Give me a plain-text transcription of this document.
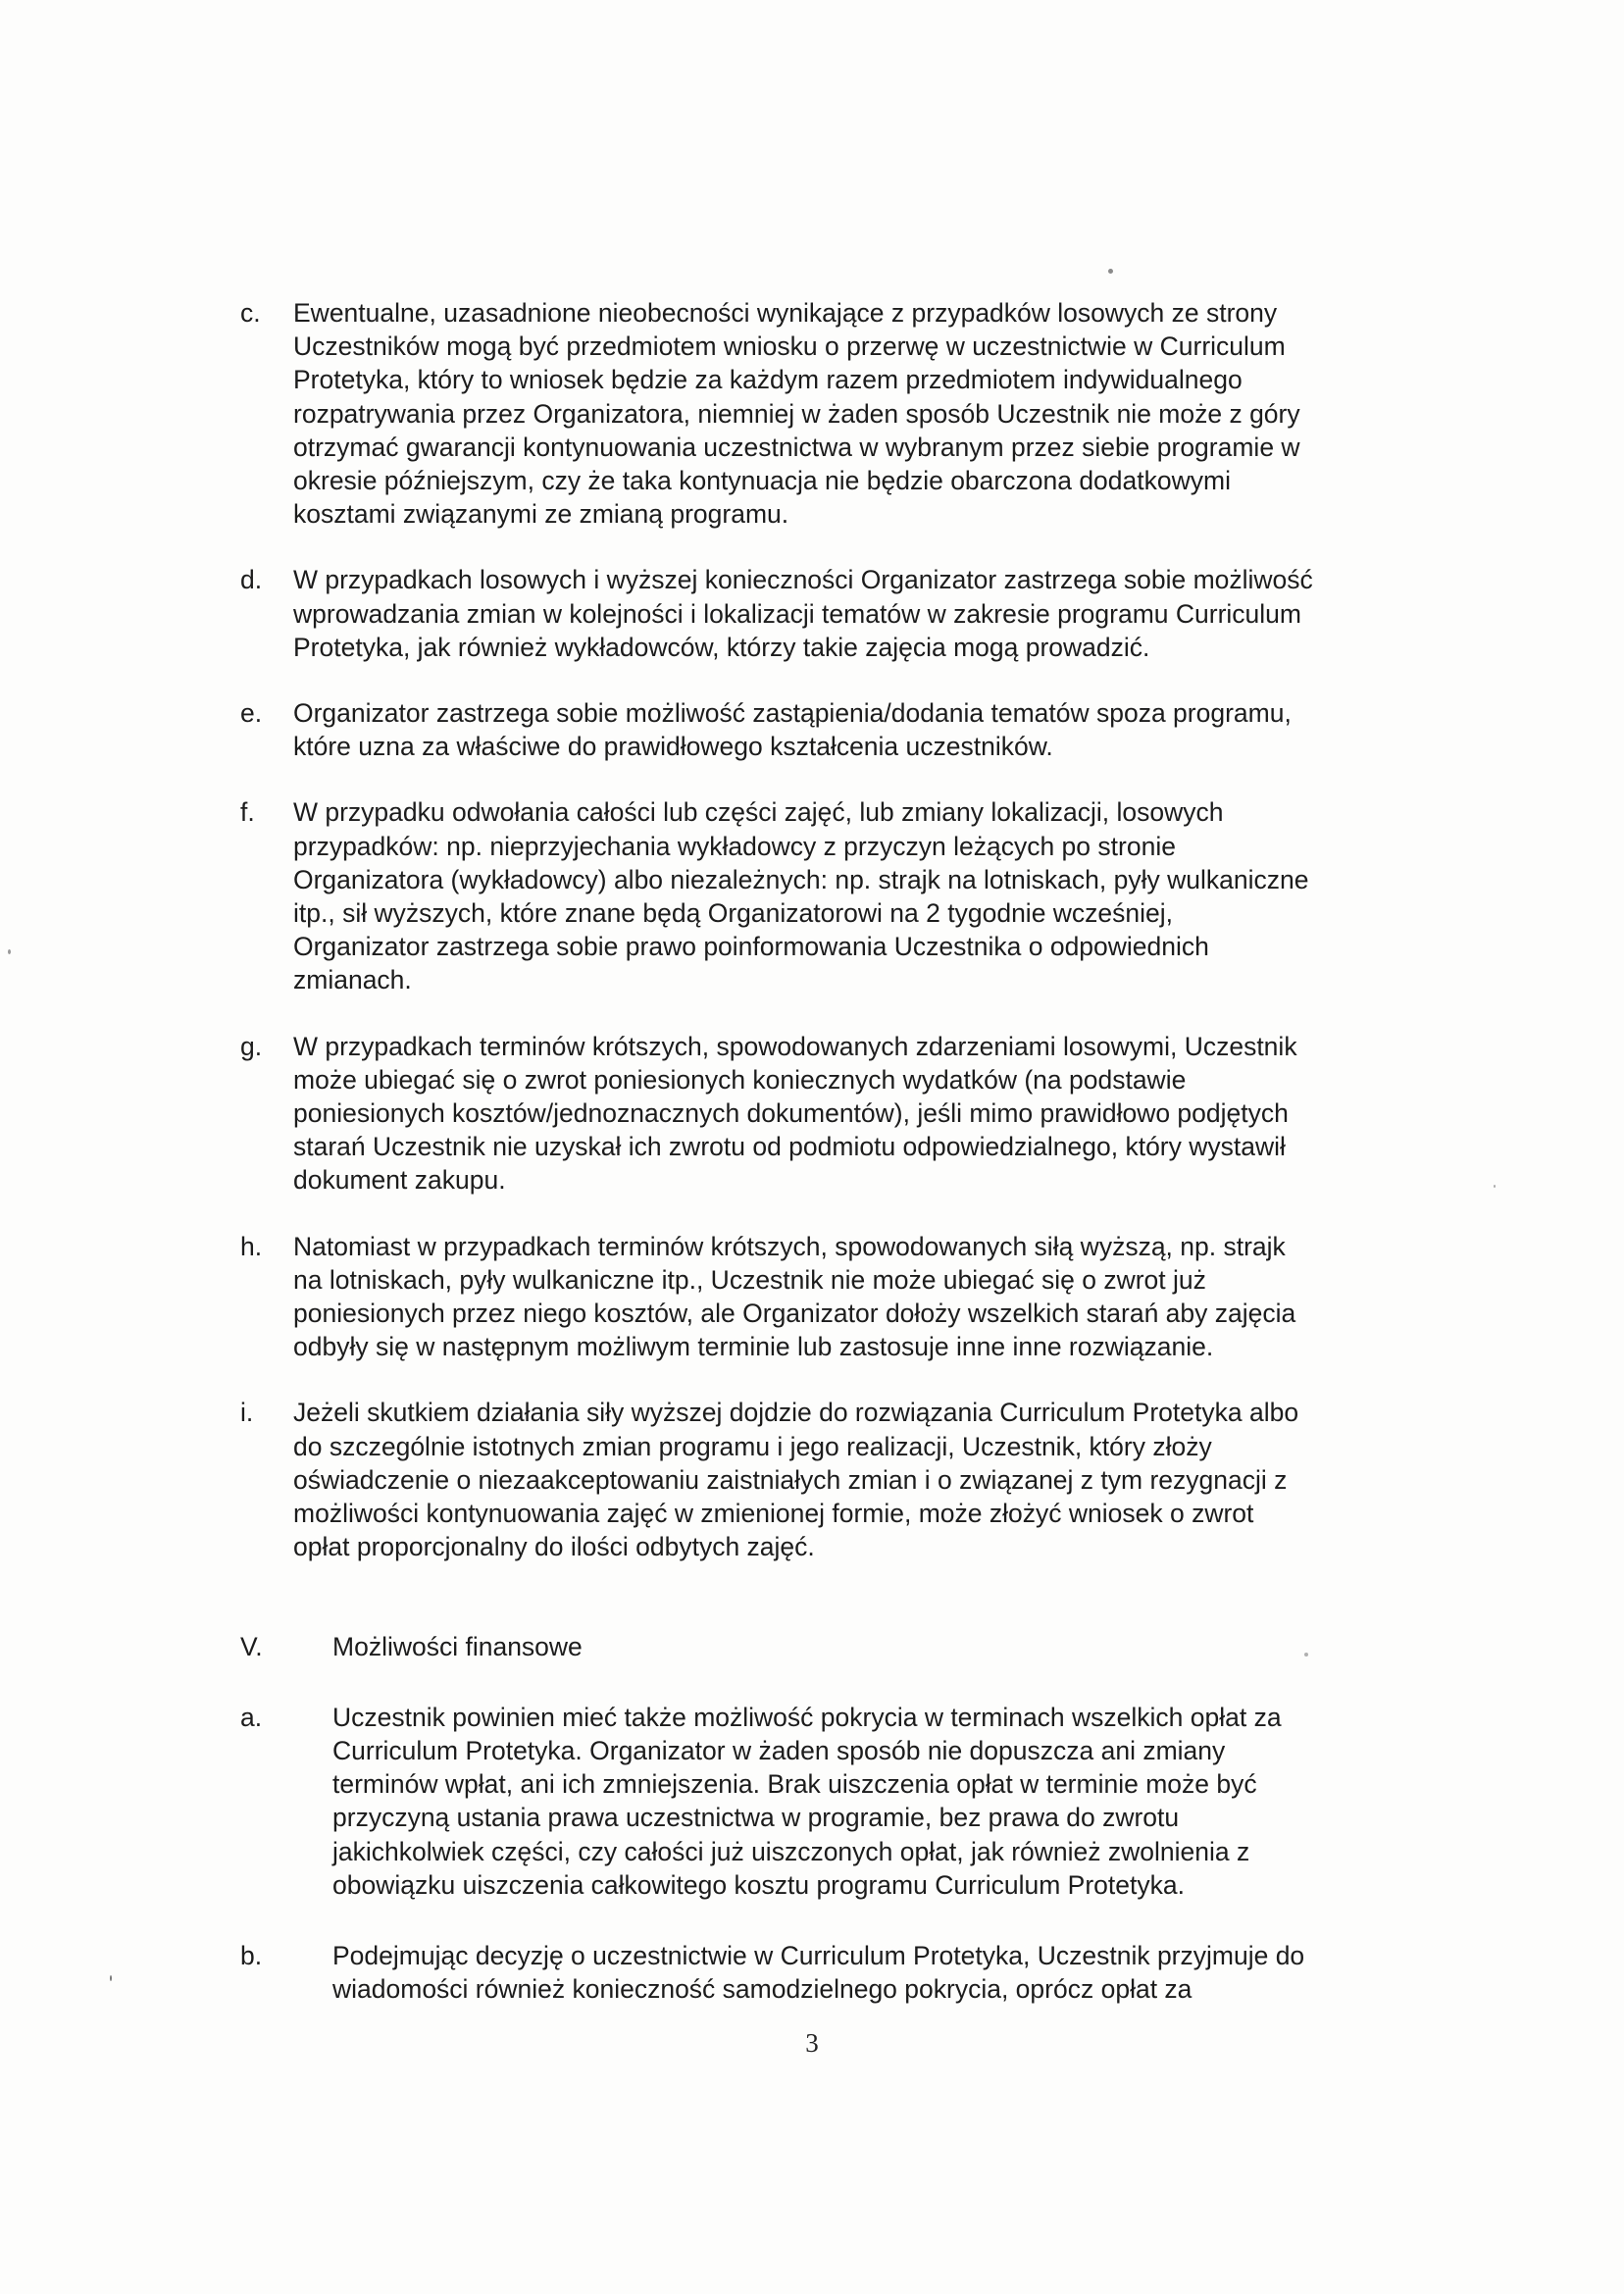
c.	Ewentualne, uzasadnione nieobecności wynikające z przypadków losowych ze strony
Uczestników mogą być przedmiotem wniosku o przerwę w uczestnictwie w Curriculum
Protetyka, który to wniosek będzie za każdym razem przedmiotem indywidualnego
rozpatrywania przez Organizatora, niemniej w żaden sposób Uczestnik nie może z góry
otrzymać gwarancji kontynuowania uczestnictwa w wybranym przez siebie programie w
okresie późniejszym, czy że taka kontynuacja nie będzie obarczona dodatkowymi
kosztami związanymi ze zmianą programu.
d.	W przypadkach losowych i wyższej konieczności Organizator zastrzega sobie możliwość
wprowadzania zmian w kolejności i lokalizacji tematów w zakresie programu Curriculum
Protetyka, jak również wykładowców, którzy takie zajęcia mogą prowadzić.
e.	Organizator zastrzega sobie możliwość zastąpienia/dodania tematów spoza programu,
które uzna za właściwe do prawidłowego kształcenia uczestników.
f.	W przypadku odwołania całości lub części zajęć, lub zmiany lokalizacji, losowych
przypadków: np. nieprzyjechania wykładowcy z przyczyn leżących po stronie
Organizatora (wykładowcy) albo niezależnych: np. strajk na lotniskach, pyły wulkaniczne
itp., sił wyższych, które znane będą Organizatorowi na 2 tygodnie wcześniej,
Organizator zastrzega sobie prawo poinformowania Uczestnika o odpowiednich
zmianach.
g.	W przypadkach terminów krótszych, spowodowanych zdarzeniami losowymi, Uczestnik
może ubiegać się o zwrot poniesionych koniecznych wydatków (na podstawie
poniesionych kosztów/jednoznacznych dokumentów), jeśli mimo prawidłowo podjętych
starań Uczestnik nie uzyskał ich zwrotu od podmiotu odpowiedzialnego, który wystawił
dokument zakupu.
h.	Natomiast w przypadkach terminów krótszych, spowodowanych siłą wyższą, np. strajk
na lotniskach, pyły wulkaniczne itp., Uczestnik nie może ubiegać się o zwrot już
poniesionych przez niego kosztów, ale Organizator dołoży wszelkich starań aby zajęcia
odbyły się w następnym możliwym terminie lub zastosuje inne inne rozwiązanie.
i.	Jeżeli skutkiem działania siły wyższej dojdzie do rozwiązania Curriculum Protetyka albo
do szczególnie istotnych zmian programu i jego realizacji, Uczestnik, który złoży
oświadczenie o niezaakceptowaniu zaistniałych zmian i o związanej z tym rezygnacji z
możliwości kontynuowania zajęć w zmienionej formie, może złożyć wniosek o zwrot
opłat proporcjonalny do ilości odbytych zajęć.
V.	Możliwości finansowe
a.	Uczestnik powinien mieć także możliwość pokrycia w terminach wszelkich opłat za
Curriculum Protetyka. Organizator w żaden sposób nie dopuszcza ani zmiany
terminów wpłat, ani ich zmniejszenia. Brak uiszczenia opłat w terminie może być
przyczyną ustania prawa uczestnictwa w programie, bez prawa do zwrotu
jakichkolwiek części, czy całości już uiszczonych opłat, jak również zwolnienia z
obowiązku uiszczenia całkowitego kosztu programu Curriculum Protetyka.
b.	Podejmując decyzję o uczestnictwie w Curriculum Protetyka, Uczestnik przyjmuje do
wiadomości również konieczność samodzielnego pokrycia, oprócz opłat za
3
